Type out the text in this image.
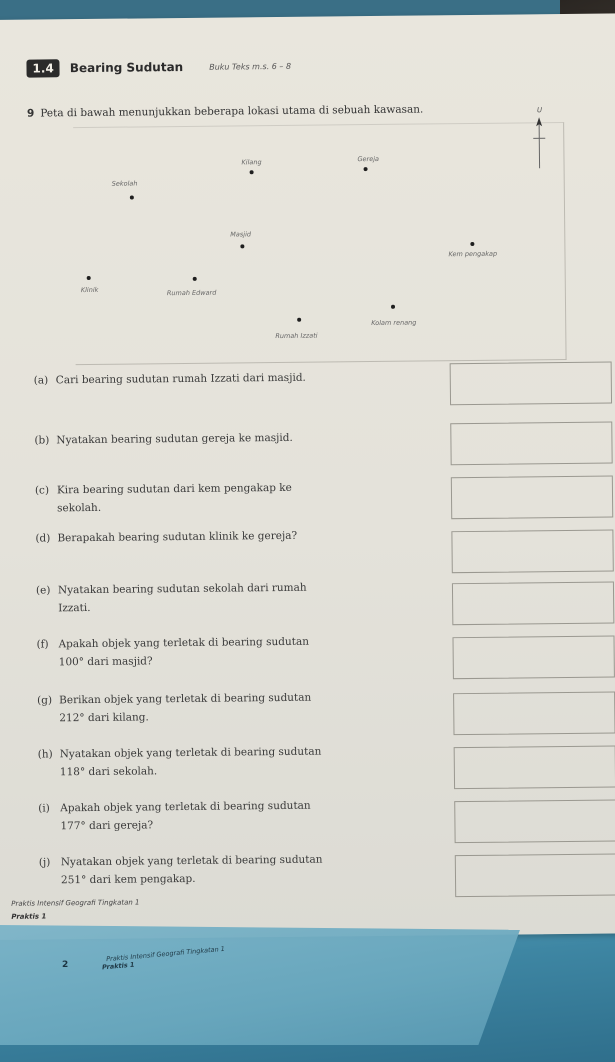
1.4	Bearing Sudutan	Buku Teks m.s. 6 – 8
9 Peta di bawah menunjukkan beberapa lokasi utama di sebuah kawasan.
Kilang	Gereja
Sekolah
Masjid
Kem pengakap
Klinik	Rumah Edward
Kolam renang
Rumah Izzati
U
(a) Cari bearing sudutan rumah Izzati dari masjid.
(b) Nyatakan bearing sudutan gereja ke masjid.
(c) Kira bearing sudutan dari kem pengakap ke
sekolah.
(d) Berapakah bearing sudutan klinik ke gereja?
(e) Nyatakan bearing sudutan sekolah dari rumah
Izzati.
(f) Apakah objek yang terletak di bearing sudutan
100° dari masjid?
(g) Berikan objek yang terletak di bearing sudutan
212° dari kilang.
(h) Nyatakan objek yang terletak di bearing sudutan
118° dari sekolah.
(i) Apakah objek yang terletak di bearing sudutan
177° dari gereja?
(j) Nyatakan objek yang terletak di bearing sudutan
251° dari kem pengakap.
Praktis Intensif Geografi Tingkatan 1
Praktis 1
2
Praktis Intensif Geografi Tingkatan 1
Praktis 1
